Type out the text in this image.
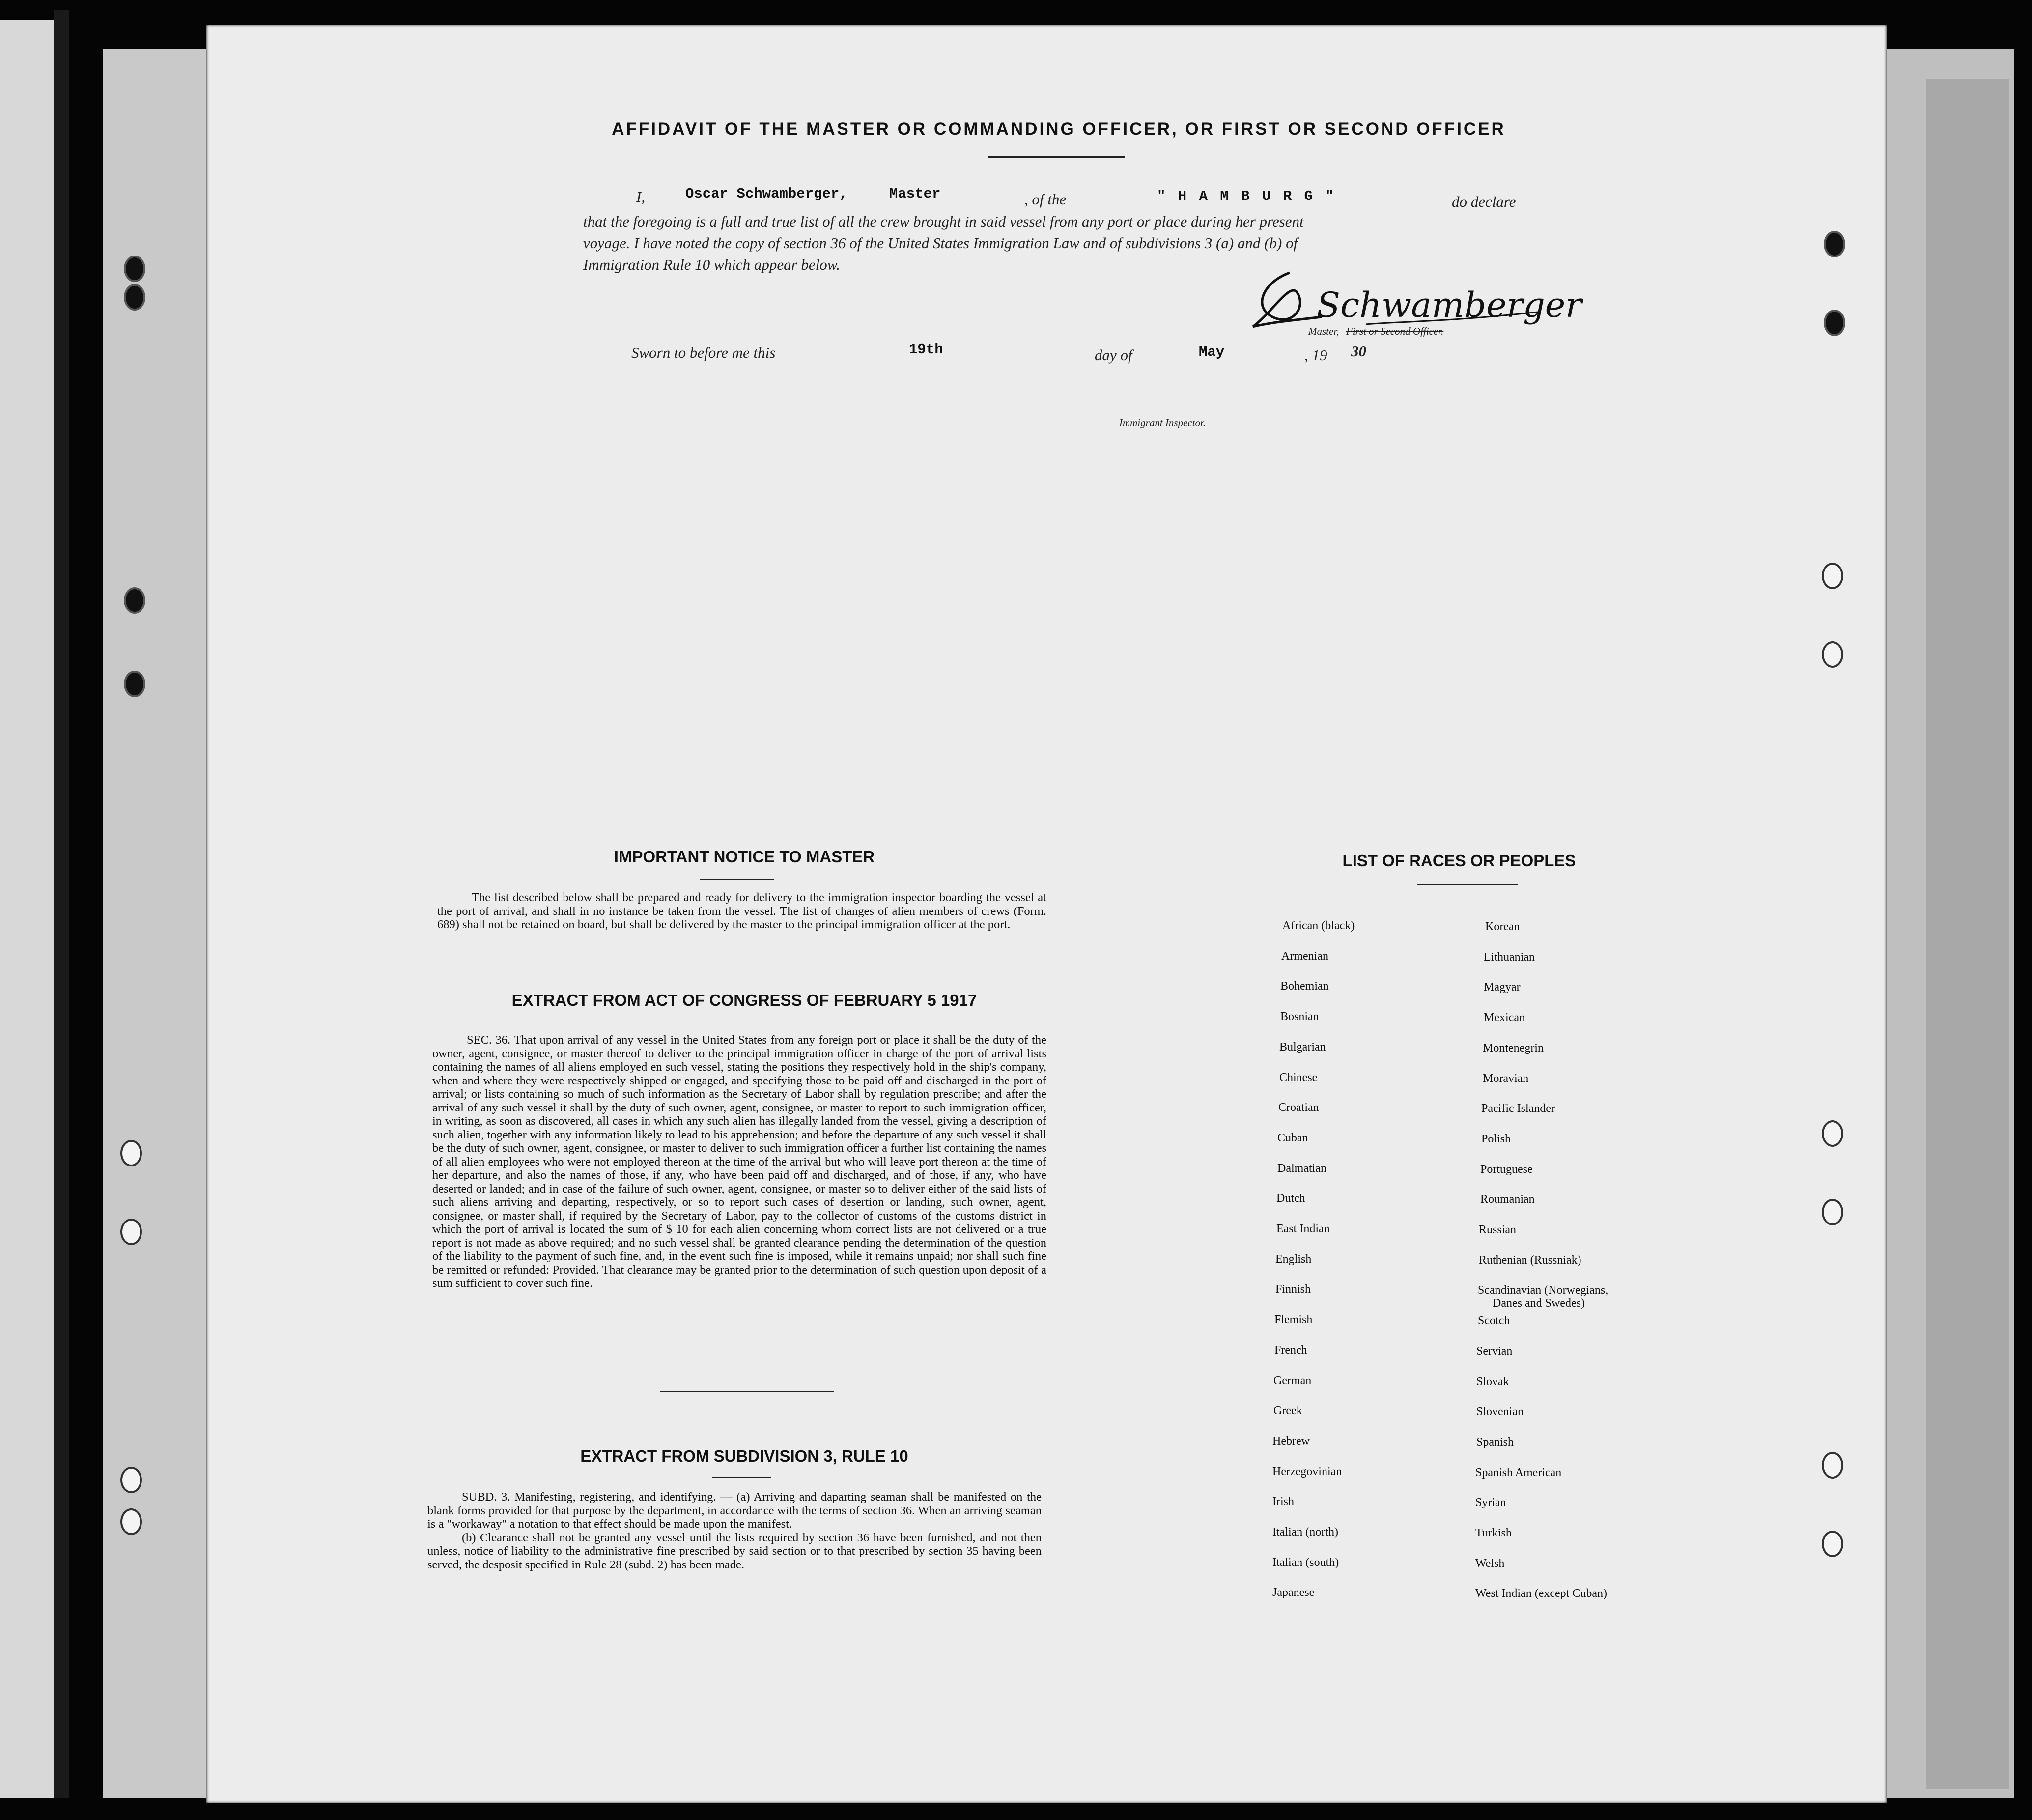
AFFIDAVIT OF THE MASTER OR COMMANDING OFFICER, OR FIRST OR SECOND OFFICER
I,	Oscar Schwamberger,	Master	, of the	" H A M B U R G "	do declare
that the foregoing is a full and true list of all the crew brought in said vessel from any port or place during her present
voyage. I have noted the copy of section 36 of the United States Immigration Law and of subdivisions 3 (a) and (b) of
Immigration Rule 10 which appear below.
Schwamberger
Master, First or Second Officer.
Sworn to before me this	19th	day of	May	, 19 30
Immigrant Inspector.
IMPORTANT NOTICE TO MASTER

The list described below shall be prepared and ready for delivery to the immigration inspector boarding the vessel at the port of arrival, and shall in no instance be taken from the vessel. The list of changes of alien members of crews (Form. 689) shall not be retained on board, but shall be delivered by the master to the principal immigration officer at the port.

EXTRACT FROM ACT OF CONGRESS OF FEBRUARY 5 1917

SEC. 36. That upon arrival of any vessel in the United States from any foreign port or place it shall be the duty of the owner, agent, consignee, or master thereof to deliver to the principal immigration officer in charge of the port of arrival lists containing the names of all aliens employed en such vessel, stating the positions they respectively hold in the ship's company, when and where they were respectively shipped or engaged, and specifying those to be paid off and discharged in the port of arrival; or lists containing so much of such information as the Secretary of Labor shall by regulation prescribe; and after the arrival of any such vessel it shall by the duty of such owner, agent, consignee, or master to report to such immigration officer, in writing, as soon as discovered, all cases in which any such alien has illegally landed from the vessel, giving a description of such alien, together with any information likely to lead to his apprehension; and before the departure of any such vessel it shall be the duty of such owner, agent, consignee, or master to deliver to such immigration officer a further list containing the names of all alien employees who were not employed thereon at the time of the arrival but who will leave port thereon at the time of her departure, and also the names of those, if any, who have been paid off and discharged, and of those, if any, who have deserted or landed; and in case of the failure of such owner, agent, consignee, or master so to deliver either of the said lists of such aliens arriving and departing, respectively, or so to report such cases of desertion or landing, such owner, agent, consignee, or master shall, if required by the Secretary of Labor, pay to the collector of customs of the customs district in which the port of arrival is located the sum of $ 10 for each alien concerning whom correct lists are not delivered or a true report is not made as above required; and no such vessel shall be granted clearance pending the determination of the question of the liability to the payment of such fine, and, in the event such fine is imposed, while it remains unpaid; nor shall such fine be remitted or refunded: Provided. That clearance may be granted prior to the determination of such question upon deposit of a sum sufficient to cover such fine.

EXTRACT FROM SUBDIVISION 3, RULE 10

SUBD. 3. Manifesting, registering, and identifying. — (a) Arriving and daparting seaman shall be manifested on the blank forms provided for that purpose by the department, in accordance with the terms of section 36. When an arriving seaman is a "workaway" a notation to that effect should be made upon the manifest.

(b) Clearance shall not be granted any vessel until the lists required by section 36 have been furnished, and not then unless, notice of liability to the administrative fine prescribed by said section or to that prescribed by section 35 having been served, the desposit specified in Rule 28 (subd. 2) has been made.

LIST OF RACES OR PEOPLES
African (black)
Armenian
Bohemian
Bosnian
Bulgarian
Chinese
Croatian
Cuban
Dalmatian
Dutch
East Indian
English
Finnish
Flemish
French
German
Greek
Hebrew
Herzegovinian
Irish
Italian (north)
Italian (south)
Japanese
Korean
Lithuanian
Magyar
Mexican
Montenegrin
Moravian
Pacific Islander
Polish
Portuguese
Roumanian
Russian
Ruthenian (Russniak)
Scandinavian (Norwegians,
Danes and Swedes)
Scotch
Servian
Slovak
Slovenian
Spanish
Spanish American
Syrian
Turkish
Welsh
West Indian (except Cuban)
